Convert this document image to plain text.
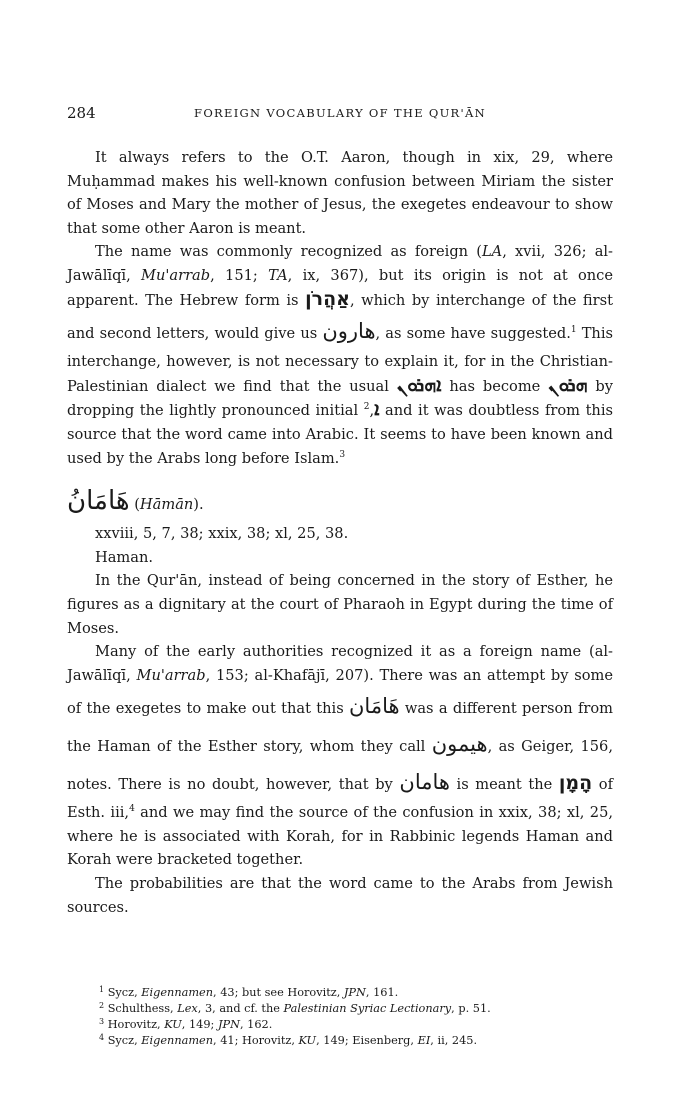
284	FOREIGN VOCABULARY OF THE QUR'ĀN

It always refers to the O.T. Aaron, though in xix, 29, where Muḥammad makes his well-known confusion between Miriam the sister of Moses and Mary the mother of Jesus, the exegetes endeavour to show that some other Aaron is meant.

The name was commonly recognized as foreign (LA, xvii, 326; al-Jawālīqī, Mu'arrab, 151; TA, ix, 367), but its origin is not at once apparent. The Hebrew form is אַהֲרֹן, which by interchange of the first and second letters, would give us هارون, as some have suggested.$^1$ This interchange, however, is not necessary to explain it, for in the Christian-Palestinian dialect we find that the usual ܐܗܪܘܢ has become ܗܪܘܢ by dropping the lightly pronounced initial ܐ,$^2$ and it was doubtless from this source that the word came into Arabic. It seems to have been known and used by the Arabs long before Islam.$^3$

هَامَانُ (Hāmān).

xxviii, 5, 7, 38; xxix, 38; xl, 25, 38.

Haman.

In the Qur'ān, instead of being concerned in the story of Esther, he figures as a dignitary at the court of Pharaoh in Egypt during the time of Moses.

Many of the early authorities recognized it as a foreign name (al-Jawālīqī, Mu'arrab, 153; al-Khafājī, 207). There was an attempt by some of the exegetes to make out that this هَامَان was a different person from the Haman of the Esther story, whom they call هيمون, as Geiger, 156, notes. There is no doubt, however, that by هامان is meant the הָמָן of Esth. iii,$^4$ and we may find the source of the confusion in xxix, 38; xl, 25, where he is associated with Korah, for in Rabbinic legends Haman and Korah were bracketed together.

The probabilities are that the word came to the Arabs from Jewish sources.

$^1$ Sycz, Eigennamen, 43; but see Horovitz, JPN, 161.
$^2$ Schulthess, Lex, 3, and cf. the Palestinian Syriac Lectionary, p. 51.
$^3$ Horovitz, KU, 149; JPN, 162.
$^4$ Sycz, Eigennamen, 41; Horovitz, KU, 149; Eisenberg, EI, ii, 245.
